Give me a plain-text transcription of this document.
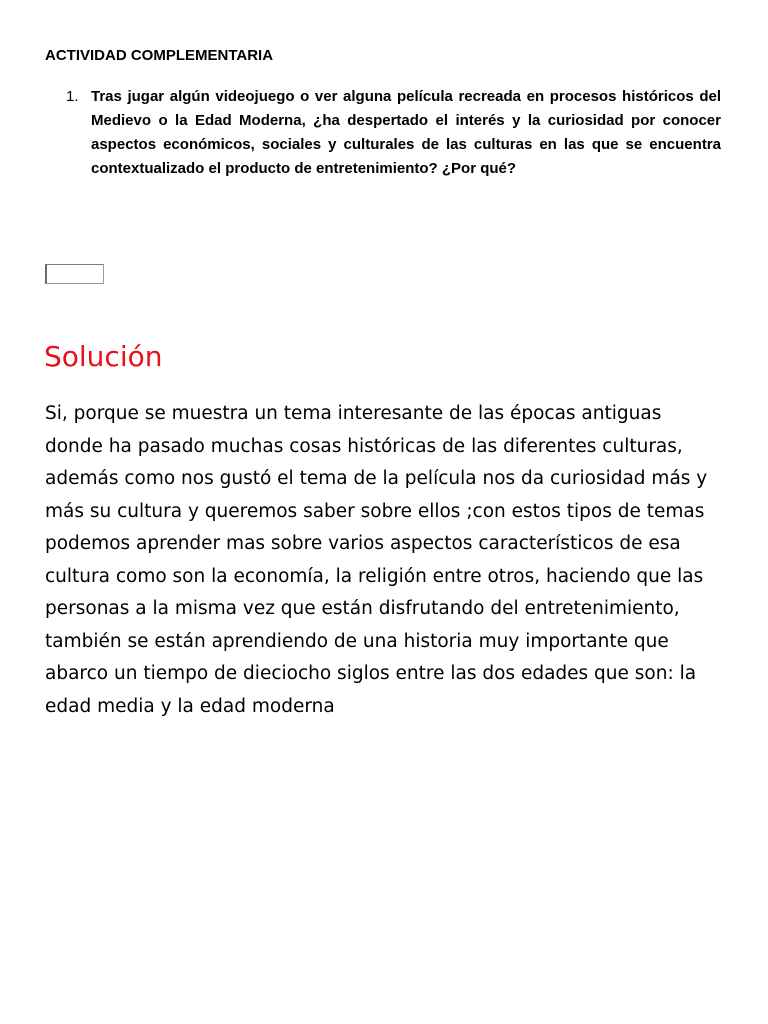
ACTIVIDAD COMPLEMENTARIA
1. Tras jugar algún videojuego o ver alguna película recreada en procesos históricos del Medievo o la Edad Moderna, ¿ha despertado el interés y la curiosidad por conocer aspectos económicos, sociales y culturales de las culturas en las que se encuentra contextualizado el producto de entretenimiento? ¿Por qué?
Solución

Si, porque se muestra un tema interesante de las épocas antiguas donde ha pasado muchas cosas históricas de las diferentes culturas, además como nos gustó el tema de la película nos da curiosidad más y más su cultura y queremos saber sobre ellos ;con estos tipos de temas podemos aprender mas sobre varios aspectos característicos de esa cultura como son la economía, la religión entre otros, haciendo que las personas a la misma vez que están disfrutando del entretenimiento, también se están aprendiendo de una historia muy importante que abarco un tiempo de dieciocho siglos entre las dos edades que son: la edad media y la edad moderna
